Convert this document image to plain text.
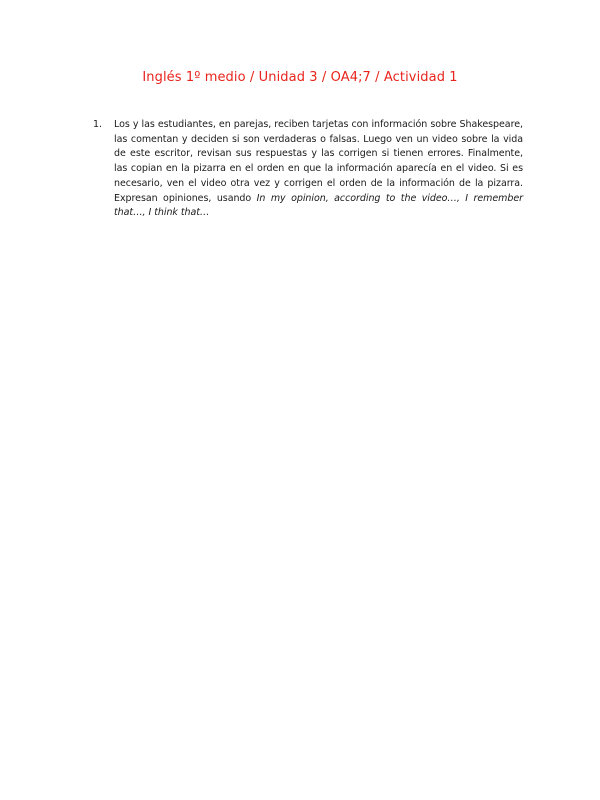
Inglés 1º medio / Unidad 3 / OA4;7 / Actividad 1
1.	Los y las estudiantes, en parejas, reciben tarjetas con información sobre Shakespeare, las comentan y deciden si son verdaderas o falsas. Luego ven un video sobre la vida de este escritor, revisan sus respuestas y las corrigen si tienen errores. Finalmente, las copian en la pizarra en el orden en que la información aparecía en el video. Si es necesario, ven el video otra vez y corrigen el orden de la información de la pizarra. Expresan opiniones, usando In my opinion, according to the video…, I remember that…, I think that…
